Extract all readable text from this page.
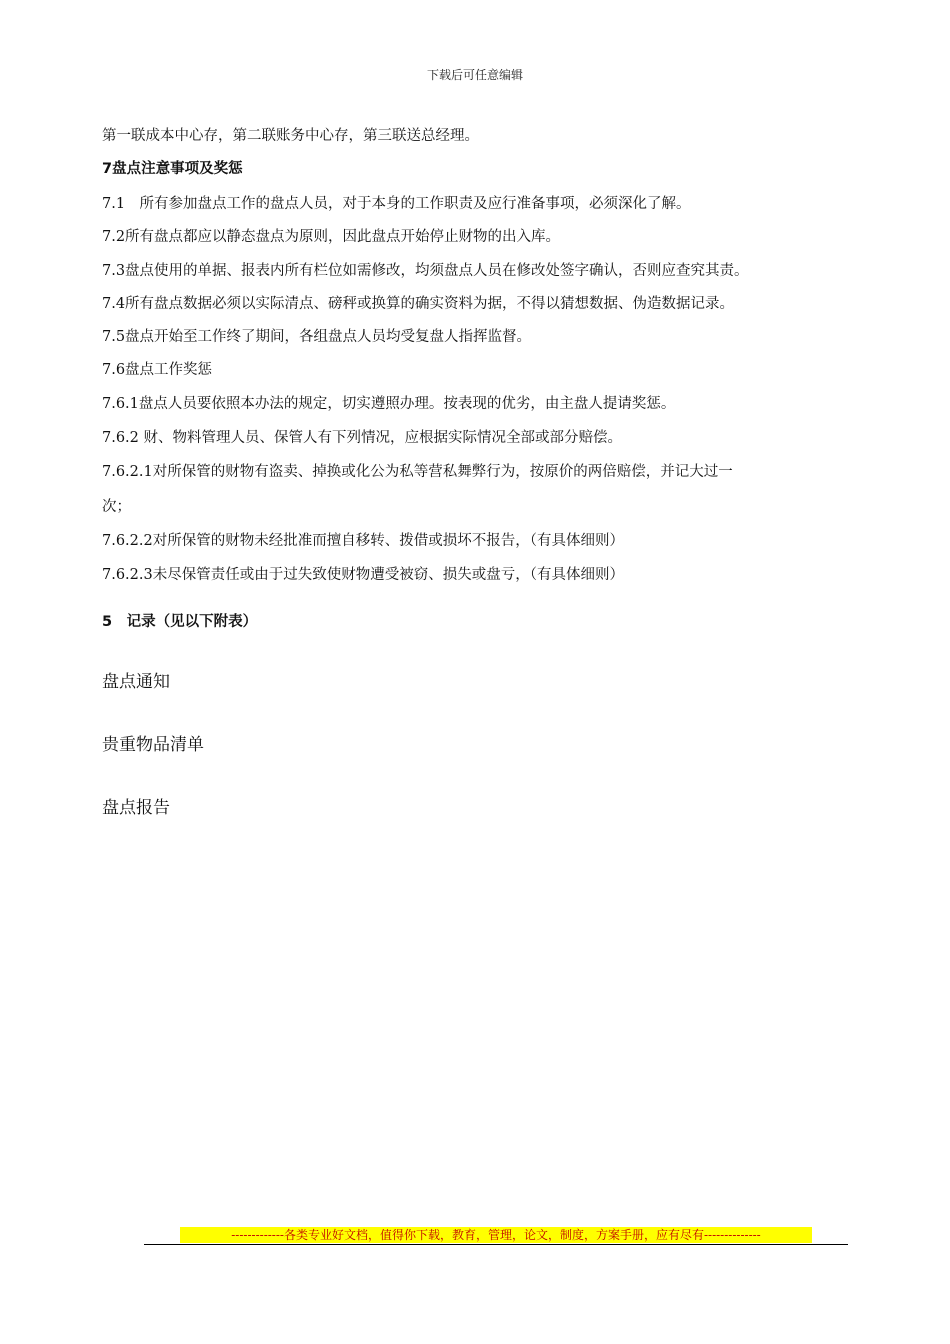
下载后可任意编辑
第一联成本中心存，第二联账务中心存，第三联送总经理。
7盘点注意事项及奖惩
7.1　所有参加盘点工作的盘点人员，对于本身的工作职责及应行准备事项，必须深化了解。
7.2所有盘点都应以静态盘点为原则，因此盘点开始停止财物的出入库。
7.3盘点使用的单据、报表内所有栏位如需修改，均须盘点人员在修改处签字确认，否则应查究其责。
7.4所有盘点数据必须以实际清点、磅秤或换算的确实资料为据，不得以猜想数据、伪造数据记录。
7.5盘点开始至工作终了期间，各组盘点人员均受复盘人指挥监督。
7.6盘点工作奖惩
7.6.1盘点人员要依照本办法的规定，切实遵照办理。按表现的优劣，由主盘人提请奖惩。
7.6.2 财、物料管理人员、保管人有下列情况，应根据实际情况全部或部分赔偿。
7.6.2.1对所保管的财物有盗卖、掉换或化公为私等营私舞弊行为，按原价的两倍赔偿，并记大过一
次；
7.6.2.2对所保管的财物未经批准而擅自移转、拨借或损坏不报告，（有具体细则）
7.6.2.3未尽保管责任或由于过失致使财物遭受被窃、损失或盘亏，（有具体细则）
5　记录（见以下附表）
盘点通知
贵重物品清单
盘点报告
-------------各类专业好文档，值得你下载，教育，管理，论文，制度，方案手册，应有尽有--------------
